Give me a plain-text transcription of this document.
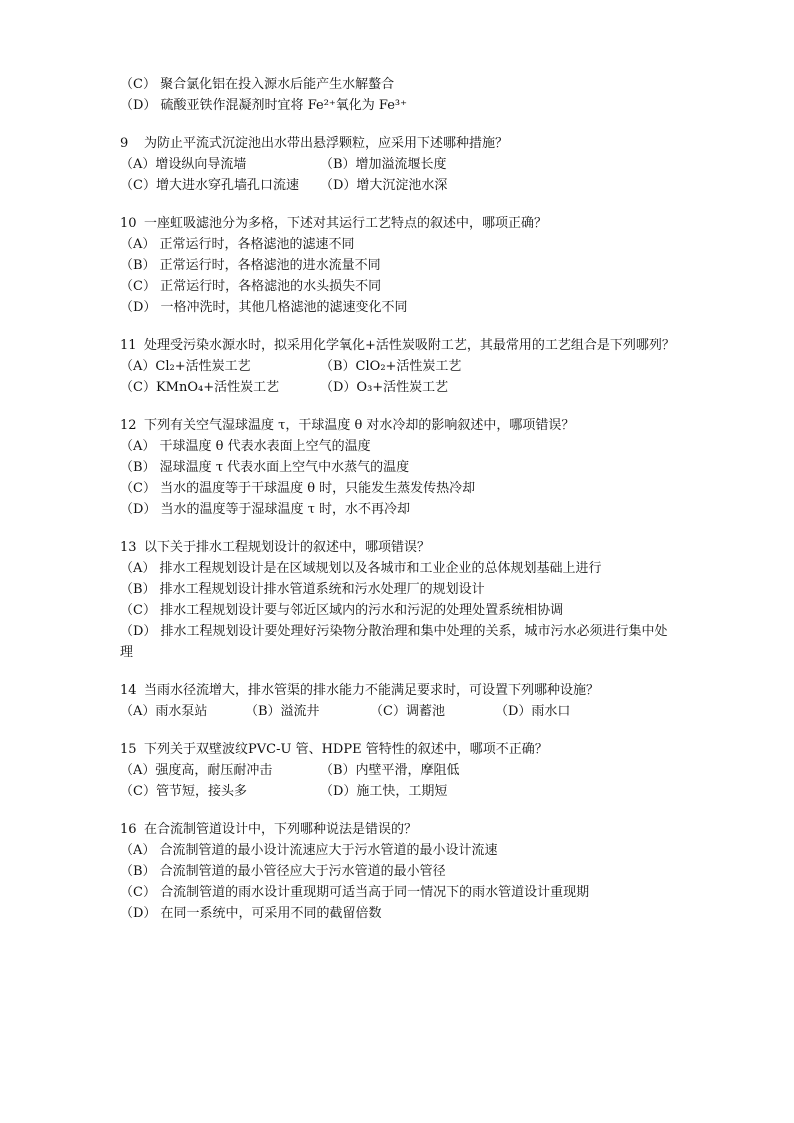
（C） 聚合氯化铝在投入源水后能产生水解螯合
（D） 硫酸亚铁作混凝剂时宜将 Fe²⁺氧化为 Fe³⁺
9 为防止平流式沉淀池出水带出悬浮颗粒，应采用下述哪种措施？
（A）增设纵向导流墙	（B）增加溢流堰长度
（C）增大进水穿孔墙孔口流速	（D）增大沉淀池水深
10 一座虹吸滤池分为多格，下述对其运行工艺特点的叙述中，哪项正确？
（A） 正常运行时，各格滤池的滤速不同
（B） 正常运行时，各格滤池的进水流量不同
（C） 正常运行时，各格滤池的水头损失不同
（D） 一格冲洗时，其他几格滤池的滤速变化不同
11 处理受污染水源水时，拟采用化学氧化+活性炭吸附工艺，其最常用的工艺组合是下列哪列？
（A）Cl₂+活性炭工艺	（B）ClO₂+活性炭工艺
（C）KMnO₄+活性炭工艺	（D）O₃+活性炭工艺
12 下列有关空气湿球温度 τ，干球温度 θ 对水冷却的影响叙述中，哪项错误？
（A） 干球温度 θ 代表水表面上空气的温度
（B） 湿球温度 τ 代表水面上空气中水蒸气的温度
（C） 当水的温度等于干球温度 θ 时，只能发生蒸发传热冷却
（D） 当水的温度等于湿球温度 τ 时，水不再冷却
13 以下关于排水工程规划设计的叙述中，哪项错误？
（A） 排水工程规划设计是在区域规划以及各城市和工业企业的总体规划基础上进行
（B） 排水工程规划设计排水管道系统和污水处理厂的规划设计
（C） 排水工程规划设计要与邻近区域内的污水和污泥的处理处置系统相协调
（D） 排水工程规划设计要处理好污染物分散治理和集中处理的关系，城市污水必须进行集中处理
14 当雨水径流增大，排水管渠的排水能力不能满足要求时，可设置下列哪种设施？
（A）雨水泵站	（B）溢流井	（C）调蓄池	（D）雨水口
15 下列关于双壁波纹PVC-U 管、HDPE 管特性的叙述中，哪项不正确？
（A）强度高，耐压耐冲击	（B）内壁平滑，摩阻低
（C）管节短，接头多	（D）施工快，工期短
16 在合流制管道设计中，下列哪种说法是错误的？
（A） 合流制管道的最小设计流速应大于污水管道的最小设计流速
（B） 合流制管道的最小管径应大于污水管道的最小管径
（C） 合流制管道的雨水设计重现期可适当高于同一情况下的雨水管道设计重现期
（D） 在同一系统中，可采用不同的截留倍数
